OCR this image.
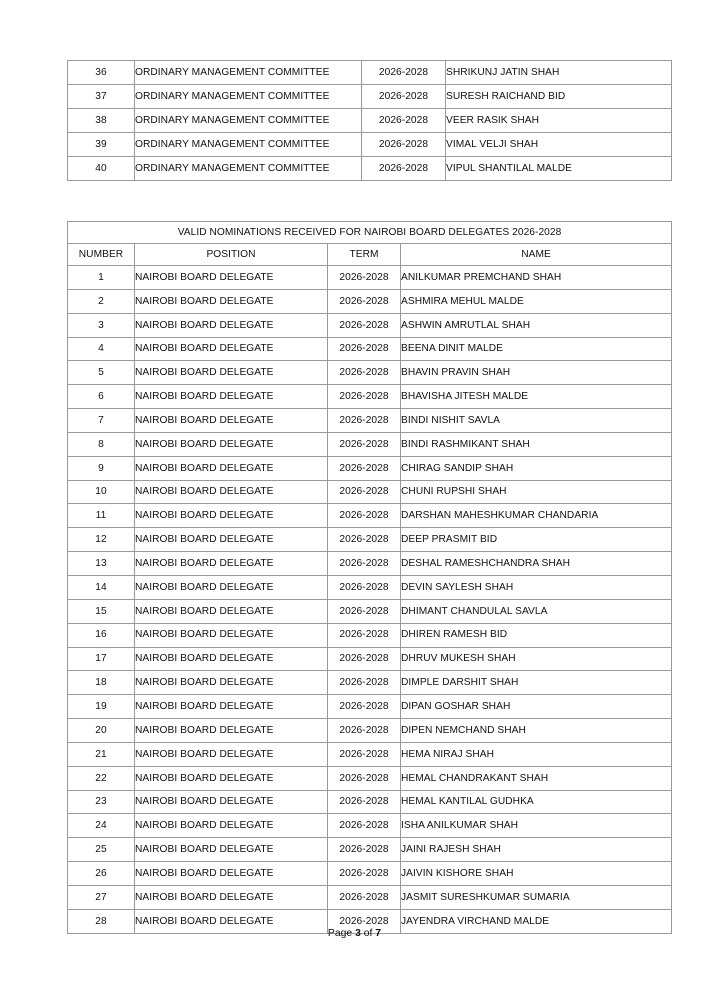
36	ORDINARY MANAGEMENT COMMITTEE	2026-2028	SHRIKUNJ JATIN SHAH
37	ORDINARY MANAGEMENT COMMITTEE	2026-2028	SURESH RAICHAND BID
38	ORDINARY MANAGEMENT COMMITTEE	2026-2028	VEER RASIK SHAH
39	ORDINARY MANAGEMENT COMMITTEE	2026-2028	VIMAL VELJI SHAH
40	ORDINARY MANAGEMENT COMMITTEE	2026-2028	VIPUL SHANTILAL MALDE
VALID NOMINATIONS RECEIVED FOR NAIROBI BOARD DELEGATES 2026-2028			
NUMBER	POSITION	TERM	NAME
1	NAIROBI BOARD DELEGATE	2026-2028	ANILKUMAR PREMCHAND SHAH
2	NAIROBI BOARD DELEGATE	2026-2028	ASHMIRA MEHUL MALDE
3	NAIROBI BOARD DELEGATE	2026-2028	ASHWIN AMRUTLAL SHAH
4	NAIROBI BOARD DELEGATE	2026-2028	BEENA DINIT MALDE
5	NAIROBI BOARD DELEGATE	2026-2028	BHAVIN PRAVIN SHAH
6	NAIROBI BOARD DELEGATE	2026-2028	BHAVISHA JITESH MALDE
7	NAIROBI BOARD DELEGATE	2026-2028	BINDI NISHIT SAVLA
8	NAIROBI BOARD DELEGATE	2026-2028	BINDI RASHMIKANT SHAH
9	NAIROBI BOARD DELEGATE	2026-2028	CHIRAG SANDIP SHAH
10	NAIROBI BOARD DELEGATE	2026-2028	CHUNI RUPSHI SHAH
11	NAIROBI BOARD DELEGATE	2026-2028	DARSHAN MAHESHKUMAR CHANDARIA
12	NAIROBI BOARD DELEGATE	2026-2028	DEEP PRASMIT BID
13	NAIROBI BOARD DELEGATE	2026-2028	DESHAL RAMESHCHANDRA SHAH
14	NAIROBI BOARD DELEGATE	2026-2028	DEVIN SAYLESH SHAH
15	NAIROBI BOARD DELEGATE	2026-2028	DHIMANT CHANDULAL SAVLA
16	NAIROBI BOARD DELEGATE	2026-2028	DHIREN RAMESH BID
17	NAIROBI BOARD DELEGATE	2026-2028	DHRUV MUKESH SHAH
18	NAIROBI BOARD DELEGATE	2026-2028	DIMPLE DARSHIT SHAH
19	NAIROBI BOARD DELEGATE	2026-2028	DIPAN GOSHAR SHAH
20	NAIROBI BOARD DELEGATE	2026-2028	DIPEN NEMCHAND SHAH
21	NAIROBI BOARD DELEGATE	2026-2028	HEMA NIRAJ SHAH
22	NAIROBI BOARD DELEGATE	2026-2028	HEMAL CHANDRAKANT SHAH
23	NAIROBI BOARD DELEGATE	2026-2028	HEMAL KANTILAL GUDHKA
24	NAIROBI BOARD DELEGATE	2026-2028	ISHA ANILKUMAR SHAH
25	NAIROBI BOARD DELEGATE	2026-2028	JAINI RAJESH SHAH
26	NAIROBI BOARD DELEGATE	2026-2028	JAIVIN KISHORE SHAH
27	NAIROBI BOARD DELEGATE	2026-2028	JASMIT SURESHKUMAR SUMARIA
28	NAIROBI BOARD DELEGATE	2026-2028	JAYENDRA VIRCHAND MALDE
Page 3 of 7
